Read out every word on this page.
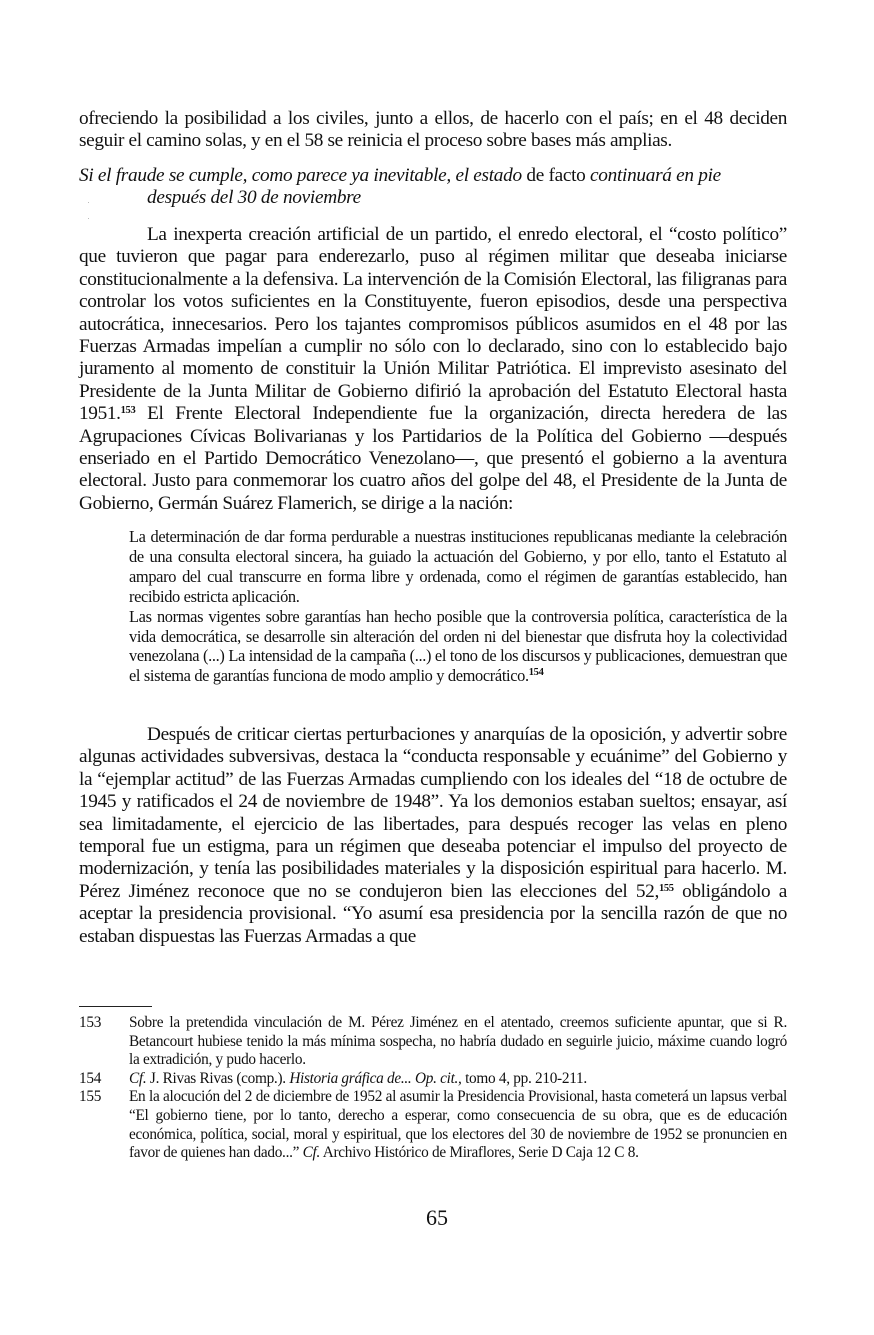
ofreciendo la posibilidad a los civiles, junto a ellos, de hacerlo con el país; en el 48 deciden seguir el camino solas, y en el 58 se reinicia el proceso sobre bases más amplias.

Si el fraude se cumple, como parece ya inevitable, el estado de facto continuará en pie
después del 30 de noviembre

La inexperta creación artificial de un partido, el enredo electoral, el “costo político” que tuvieron que pagar para enderezarlo, puso al régimen militar que deseaba iniciarse constitucionalmente a la defensiva. La intervención de la Comisión Electoral, las filigranas para controlar los votos suficientes en la Constituyente, fueron episodios, desde una perspectiva autocrática, innecesarios. Pero los tajantes compromisos públicos asumidos en el 48 por las Fuerzas Armadas impelían a cumplir no sólo con lo declarado, sino con lo establecido bajo juramento al momento de constituir la Unión Militar Patriótica. El imprevisto asesinato del Presidente de la Junta Militar de Gobierno difirió la aprobación del Estatuto Electoral hasta 1951.$^{153}$ El Frente Electoral Independiente fue la organización, directa heredera de las Agrupaciones Cívicas Bolivarianas y los Partidarios de la Política del Gobierno —después enseriado en el Partido Democrático Venezolano—, que presentó el gobierno a la aventura electoral. Justo para conmemorar los cuatro años del golpe del 48, el Presidente de la Junta de Gobierno, Germán Suárez Flamerich, se dirige a la nación:

La determinación de dar forma perdurable a nuestras instituciones republicanas mediante la celebración de una consulta electoral sincera, ha guiado la actuación del Gobierno, y por ello, tanto el Estatuto al amparo del cual transcurre en forma libre y ordenada, como el régimen de garantías establecido, han recibido estricta aplicación.

Las normas vigentes sobre garantías han hecho posible que la controversia política, característica de la vida democrática, se desarrolle sin alteración del orden ni del bienestar que disfruta hoy la colectividad venezolana (...) La intensidad de la campaña (...) el tono de los discursos y publicaciones, demuestran que el sistema de garantías funciona de modo amplio y democrático.$^{154}$

Después de criticar ciertas perturbaciones y anarquías de la oposición, y advertir sobre algunas actividades subversivas, destaca la “conducta responsable y ecuánime” del Gobierno y la “ejemplar actitud” de las Fuerzas Armadas cumpliendo con los ideales del “18 de octubre de 1945 y ratificados el 24 de noviembre de 1948”. Ya los demonios estaban sueltos; ensayar, así sea limitadamente, el ejercicio de las libertades, para después recoger las velas en pleno temporal fue un estigma, para un régimen que deseaba potenciar el impulso del proyecto de modernización, y tenía las posibilidades materiales y la disposición espiritual para hacerlo. M. Pérez Jiménez reconoce que no se condujeron bien las elecciones del 52,$^{155}$ obligándolo a aceptar la presidencia provisional. “Yo asumí esa presidencia por la sencilla razón de que no estaban dispuestas las Fuerzas Armadas a que

153	Sobre la pretendida vinculación de M. Pérez Jiménez en el atentado, creemos suficiente apuntar, que si R. Betancourt hubiese tenido la más mínima sospecha, no habría dudado en seguirle juicio, máxime cuando logró la extradición, y pudo hacerlo.
154	Cf. J. Rivas Rivas (comp.). Historia gráfica de... Op. cit., tomo 4, pp. 210-211.
155	En la alocución del 2 de diciembre de 1952 al asumir la Presidencia Provisional, hasta cometerá un lapsus verbal “El gobierno tiene, por lo tanto, derecho a esperar, como consecuencia de su obra, que es de educación económica, política, social, moral y espiritual, que los electores del 30 de noviembre de 1952 se pronuncien en favor de quienes han dado...” Cf. Archivo Histórico de Miraflores, Serie D Caja 12 C 8.
65
